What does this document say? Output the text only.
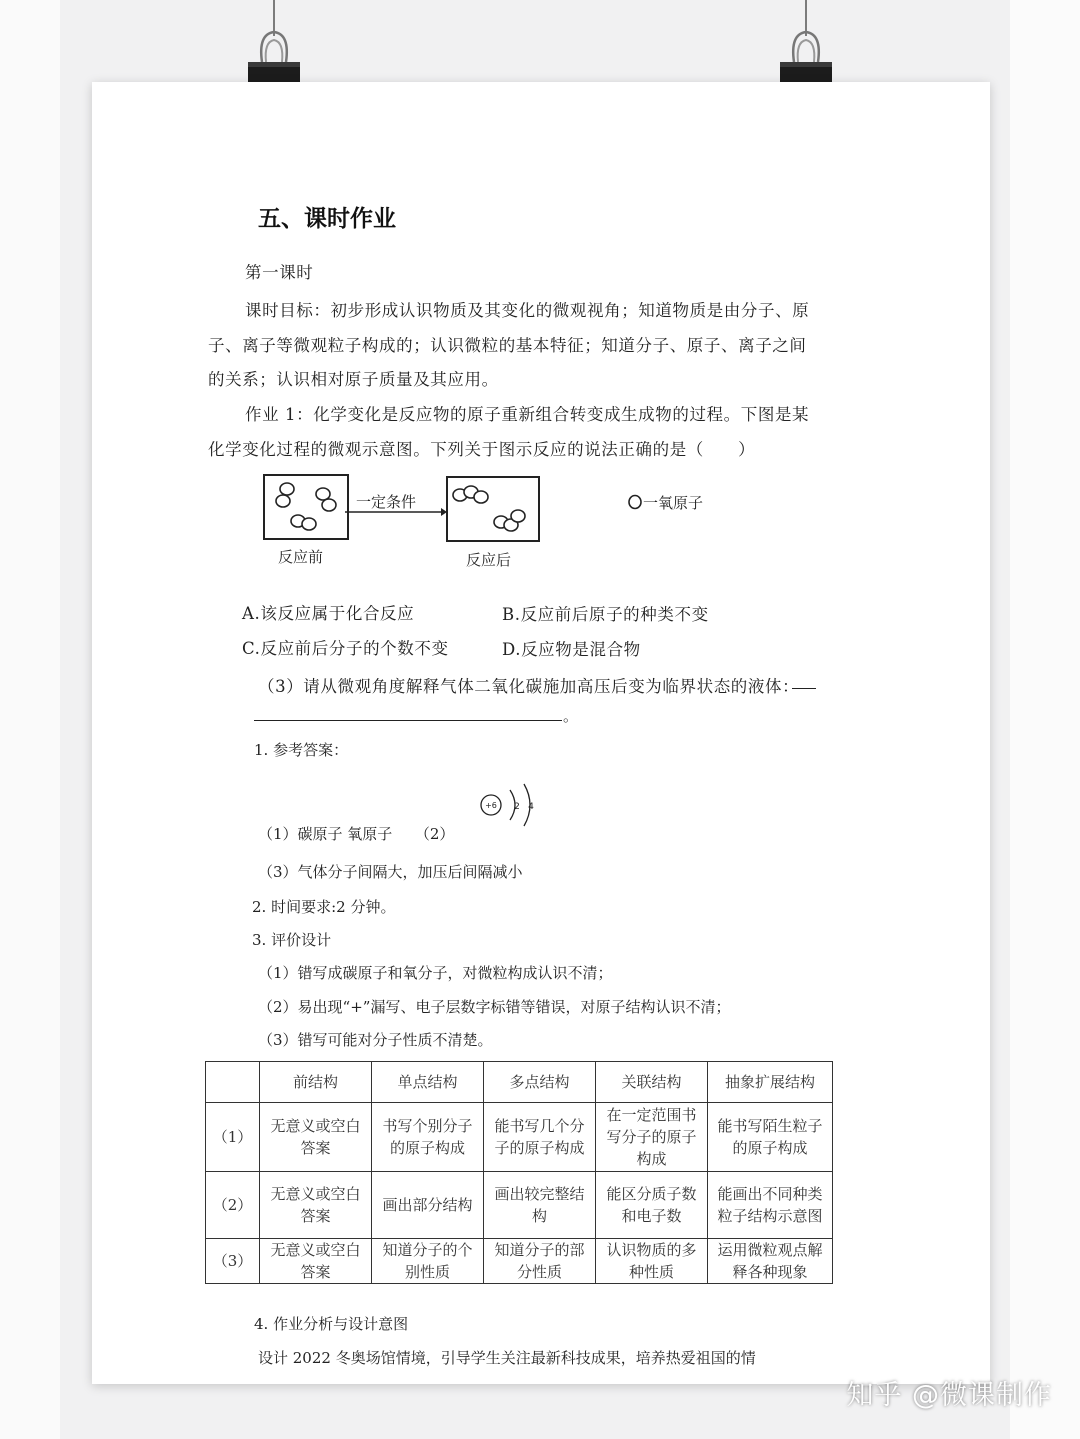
五、课时作业
第一课时
课时目标：初步形成认识物质及其变化的微观视角；知道物质是由分子、原
子、离子等微观粒子构成的；认识微粒的基本特征；知道分子、原子、离子之间
的关系；认识相对原子质量及其应用。
作业 1：化学变化是反应物的原子重新组合转变成生成物的过程。下图是某
化学变化过程的微观示意图。下列关于图示反应的说法正确的是（　　）
一定条件
反应前	反应后
一氧原子
A.该反应属于化合反应	B.反应前后原子的种类不变
C.反应前后分子的个数不变	D.反应物是混合物
（3）请从微观角度解释气体二氧化碳施加高压后变为临界状态的液体：
。
1. 参考答案：
+6 2 4
（1）碳原子 氧原子　　（2）
（3）气体分子间隔大，加压后间隔减小
2. 时间要求:2 分钟。
3. 评价设计
（1）错写成碳原子和氧分子，对微粒构成认识不清；
（2）易出现“+”漏写、电子层数字标错等错误，对原子结构认识不清；
（3）错写可能对分子性质不清楚。
	前结构	单点结构	多点结构	关联结构	抽象扩展结构
（1）	无意义或空白答案	书写个别分子的原子构成	能书写几个分子的原子构成	在一定范围书写分子的原子构成	能书写陌生粒子的原子构成
（2）	无意义或空白答案	画出部分结构	画出较完整结构	能区分质子数和电子数	能画出不同种类粒子结构示意图
（3）	无意义或空白答案	知道分子的个别性质	知道分子的部分性质	认识物质的多种性质	运用微粒观点解释各种现象
4. 作业分析与设计意图
设计 2022 冬奥场馆情境，引导学生关注最新科技成果，培养热爱祖国的情
知乎 @微课制作
